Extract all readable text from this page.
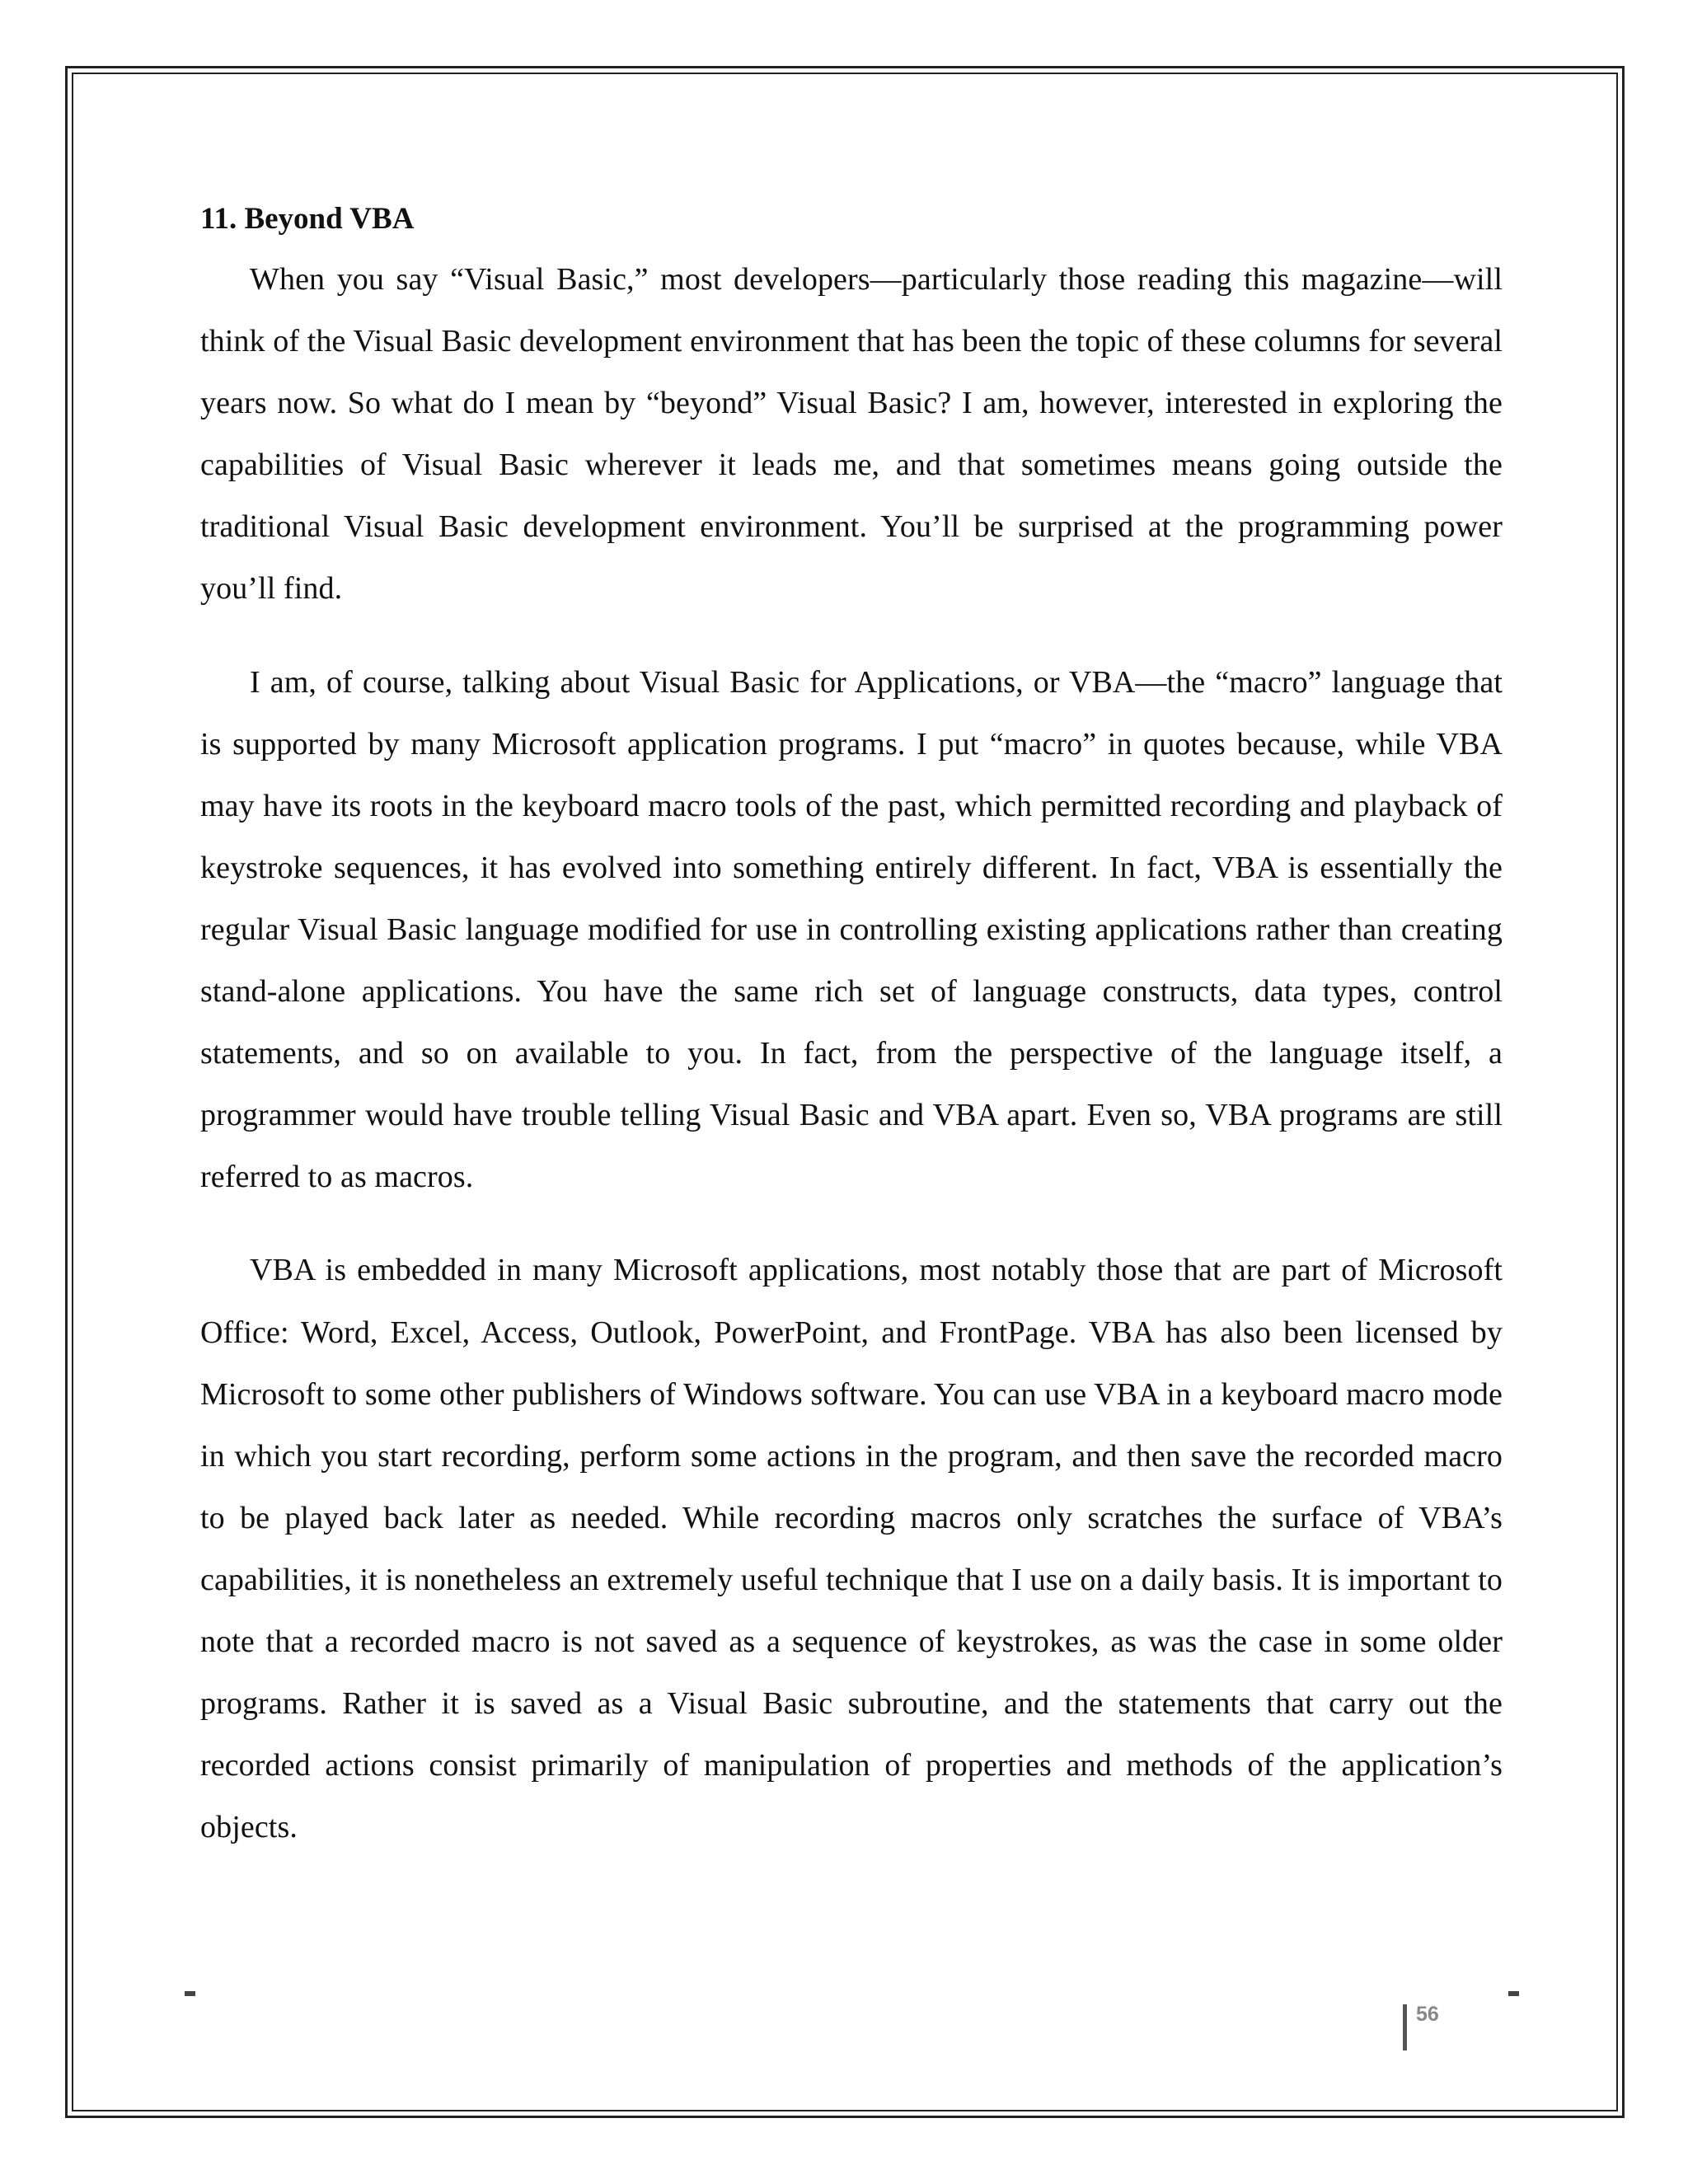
11. Beyond VBA

When you say “Visual Basic,” most developers—particularly those reading this magazine—will think of the Visual Basic development environment that has been the topic of these columns for several years now. So what do I mean by “beyond” Visual Basic? I am, however, interested in exploring the capabilities of Visual Basic wherever it leads me, and that sometimes means going outside the traditional Visual Basic development environment. You’ll be surprised at the programming power you’ll find.

I am, of course, talking about Visual Basic for Applications, or VBA—the “macro” language that is supported by many Microsoft application programs. I put “macro” in quotes because, while VBA may have its roots in the keyboard macro tools of the past, which permitted recording and playback of keystroke sequences, it has evolved into something entirely different. In fact, VBA is essentially the regular Visual Basic language modified for use in controlling existing applications rather than creating stand-alone applications. You have the same rich set of language constructs, data types, control statements, and so on available to you. In fact, from the perspective of the language itself, a programmer would have trouble telling Visual Basic and VBA apart. Even so, VBA programs are still referred to as macros.

VBA is embedded in many Microsoft applications, most notably those that are part of Microsoft Office: Word, Excel, Access, Outlook, PowerPoint, and FrontPage. VBA has also been licensed by Microsoft to some other publishers of Windows software. You can use VBA in a keyboard macro mode in which you start recording, perform some actions in the program, and then save the recorded macro to be played back later as needed. While recording macros only scratches the surface of VBA’s capabilities, it is nonetheless an extremely useful technique that I use on a daily basis. It is important to note that a recorded macro is not saved as a sequence of keystrokes, as was the case in some older programs. Rather it is saved as a Visual Basic subroutine, and the statements that carry out the recorded actions consist primarily of manipulation of properties and methods of the application’s objects.

56
